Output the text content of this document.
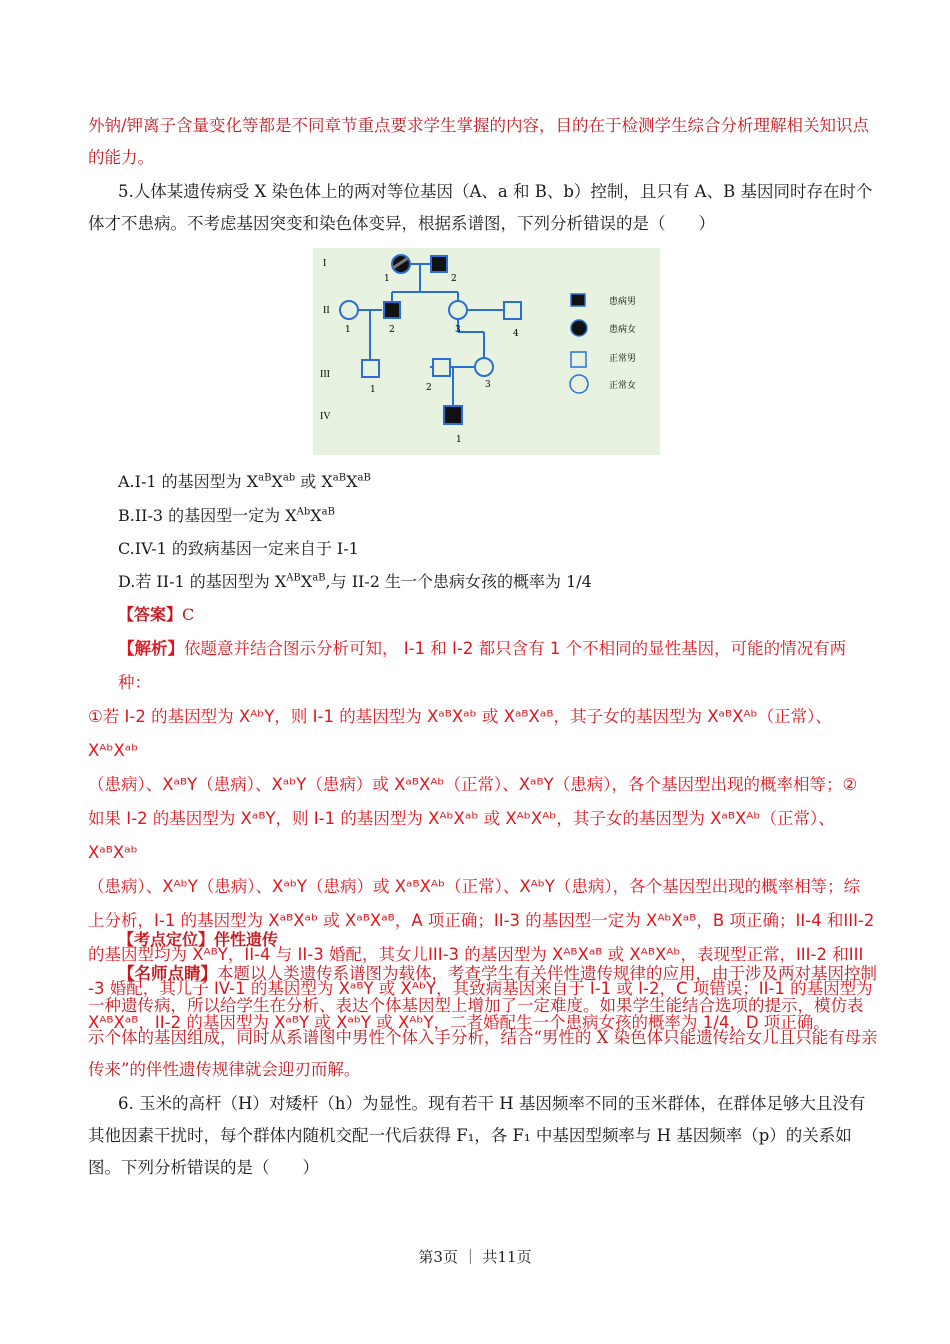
外钠/钾离子含量变化等都是不同章节重点要求学生掌握的内容，目的在于检测学生综合分析理解相关知识点的能力。
5.人体某遗传病受 X 染色体上的两对等位基因（A、a 和 B、b）控制，且只有 A、B 基因同时存在时个体才不患病。不考虑基因突变和染色体变异，根据系谱图，下列分析错误的是（　　）
I
II
III
IV
1	2
1	2	3	4
1	2	3
1
患病男
患病女
正常男
正常女
A.I-1 的基因型为 $X^{aB}X^{ab}$ 或 $X^{aB}X^{aB}$
B.II-3 的基因型一定为 $X^{Ab}X^{aB}$
C.IV-1 的致病基因一定来自于 I-1
D.若 II-1 的基因型为 $X^{AB}X^{aB}$,与 II-2 生一个患病女孩的概率为 1/4
【答案】C
【解析】依题意并结合图示分析可知， I-1 和 I-2 都只含有 1 个不相同的显性基因，可能的情况有两种：
①若 I-2 的基因型为 XᴬᵇY，则 I-1 的基因型为 XᵃᴮXᵃᵇ 或 XᵃᴮXᵃᴮ，其子女的基因型为 XᵃᴮXᴬᵇ（正常）、XᴬᵇXᵃᵇ
（患病）、XᵃᴮY（患病）、XᵃᵇY（患病）或 XᵃᴮXᴬᵇ（正常）、XᵃᴮY（患病），各个基因型出现的概率相等；②
如果 I-2 的基因型为 XᵃᴮY，则 I-1 的基因型为 XᴬᵇXᵃᵇ 或 XᴬᵇXᴬᵇ，其子女的基因型为 XᵃᴮXᴬᵇ（正常）、XᵃᴮXᵃᵇ
（患病）、XᴬᵇY（患病）、XᵃᵇY（患病）或 XᵃᴮXᴬᵇ（正常）、XᴬᵇY（患病），各个基因型出现的概率相等；综
上分析，I-1 的基因型为 XᵃᴮXᵃᵇ 或 XᵃᴮXᵃᴮ，A 项正确；II-3 的基因型一定为 XᴬᵇXᵃᴮ，B 项正确；II-4 和III-2
的基因型均为 XᴬᴮY，II-4 与 II-3 婚配，其女儿III-3 的基因型为 XᴬᴮXᵃᴮ 或 XᴬᴮXᴬᵇ，表现型正常，III-2 和III
-3 婚配，其儿子 IV-1 的基因型为 XᵃᴮY 或 XᴬᵇY，其致病基因来自于 I-1 或 I-2，C 项错误；II-1 的基因型为
XᴬᴮXᵃᴮ，II-2 的基因型为 XᵃᴮY 或 XᵃᵇY 或 XᴬᵇY，二者婚配生一个患病女孩的概率为 1/4，D 项正确。
【考点定位】伴性遗传
【名师点睛】本题以人类遗传系谱图为载体，考查学生有关伴性遗传规律的应用，由于涉及两对基因控制一种遗传病，所以给学生在分析、表达个体基因型上增加了一定难度。如果学生能结合选项的提示，模仿表示个体的基因组成，同时从系谱图中男性个体入手分析，结合“男性的 X 染色体只能遗传给女儿且只能有母亲传来”的伴性遗传规律就会迎刃而解。
6. 玉米的高杆（H）对矮杆（h）为显性。现有若干 H 基因频率不同的玉米群体，在群体足够大且没有其他因素干扰时，每个群体内随机交配一代后获得 F₁，各 F₁ 中基因型频率与 H 基因频率（p）的关系如图。下列分析错误的是（　　）
第3页 ｜ 共11页
